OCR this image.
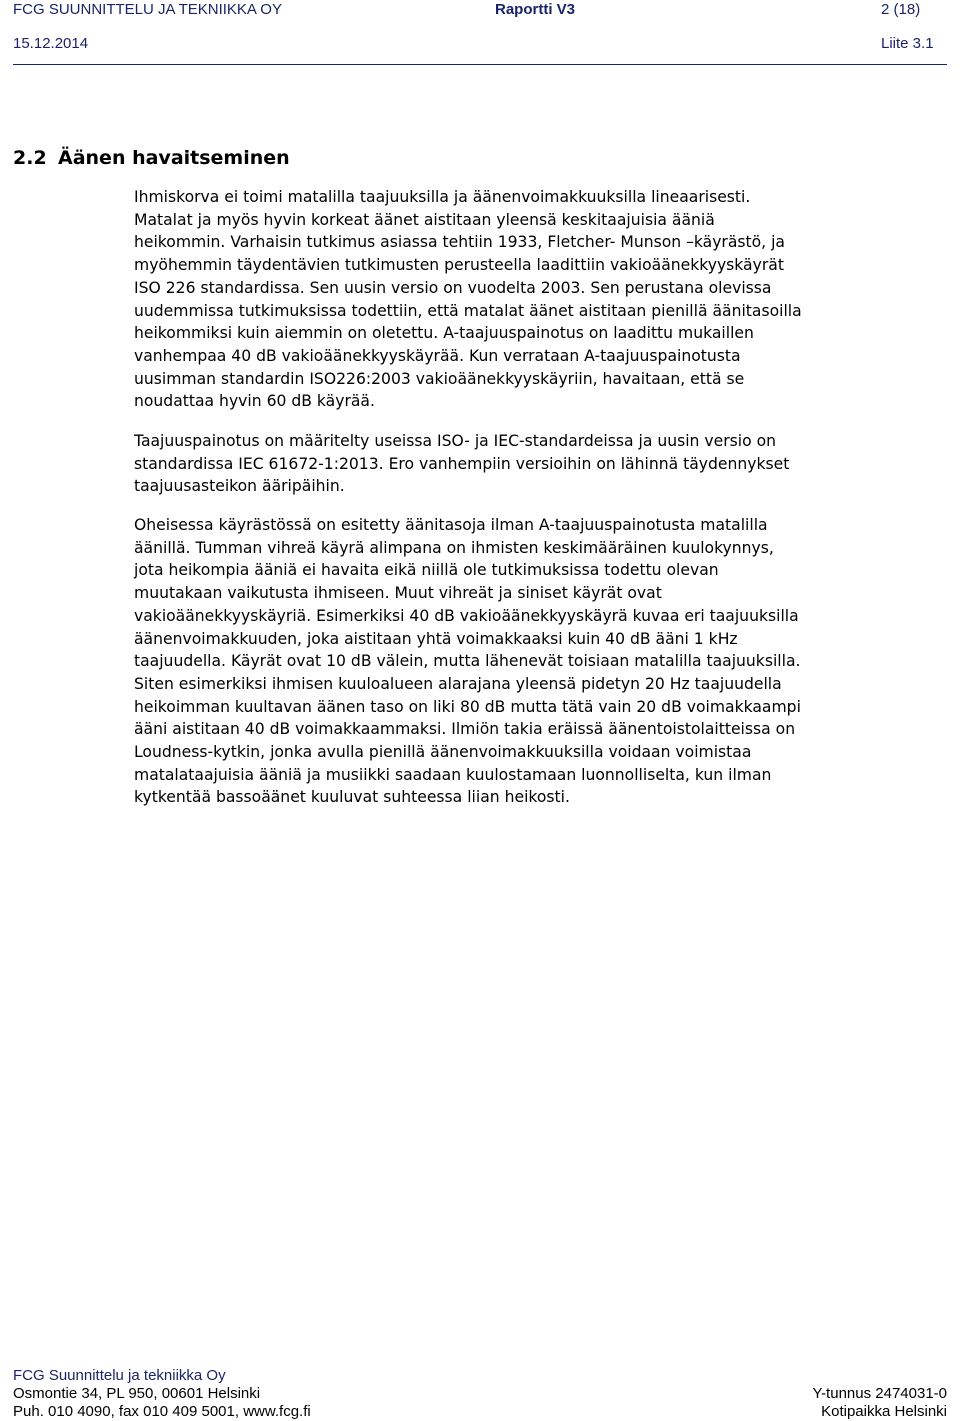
FCG SUUNNITTELU JA TEKNIIKKA OY	Raportti V3	2 (18)
15.12.2014	Liite 3.1
2.2 Äänen havaitseminen

Ihmiskorva ei toimi matalilla taajuuksilla ja äänenvoimakkuuksilla lineaarisesti.
Matalat ja myös hyvin korkeat äänet aistitaan yleensä keskitaajuisia ääniä
heikommin. Varhaisin tutkimus asiassa tehtiin 1933, Fletcher- Munson –käyrästö, ja
myöhemmin täydentävien tutkimusten perusteella laadittiin vakioäänekkyyskäyrät
ISO 226 standardissa. Sen uusin versio on vuodelta 2003. Sen perustana olevissa
uudemmissa tutkimuksissa todettiin, että matalat äänet aistitaan pienillä äänitasoilla
heikommiksi kuin aiemmin on oletettu. A-taajuuspainotus on laadittu mukaillen
vanhempaa 40 dB vakioäänekkyyskäyrää. Kun verrataan A-taajuuspainotusta
uusimman standardin ISO226:2003 vakioäänekkyyskäyriin, havaitaan, että se
noudattaa hyvin 60 dB käyrää.

Taajuuspainotus on määritelty useissa ISO- ja IEC-standardeissa ja uusin versio on
standardissa IEC 61672-1:2013. Ero vanhempiin versioihin on lähinnä täydennykset
taajuusasteikon ääripäihin.

Oheisessa käyrästössä on esitetty äänitasoja ilman A-taajuuspainotusta matalilla
äänillä. Tumman vihreä käyrä alimpana on ihmisten keskimääräinen kuulokynnys,
jota heikompia ääniä ei havaita eikä niillä ole tutkimuksissa todettu olevan
muutakaan vaikutusta ihmiseen. Muut vihreät ja siniset käyrät ovat
vakioäänekkyyskäyriä. Esimerkiksi 40 dB vakioäänekkyyskäyrä kuvaa eri taajuuksilla
äänenvoimakkuuden, joka aistitaan yhtä voimakkaaksi kuin 40 dB ääni 1 kHz
taajuudella. Käyrät ovat 10 dB välein, mutta lähenevät toisiaan matalilla taajuuksilla.
Siten esimerkiksi ihmisen kuuloalueen alarajana yleensä pidetyn 20 Hz taajuudella
heikoimman kuultavan äänen taso on liki 80 dB mutta tätä vain 20 dB voimakkaampi
ääni aistitaan 40 dB voimakkaammaksi. Ilmiön takia eräissä äänentoistolaitteissa on
Loudness-kytkin, jonka avulla pienillä äänenvoimakkuuksilla voidaan voimistaa
matalataajuisia ääniä ja musiikki saadaan kuulostamaan luonnolliselta, kun ilman
kytkentää bassoäänet kuuluvat suhteessa liian heikosti.

FCG Suunnittelu ja tekniikka Oy
Osmontie 34, PL 950, 00601 Helsinki	Y-tunnus 2474031-0
Puh. 010 4090, fax 010 409 5001, www.fcg.fi	Kotipaikka Helsinki
